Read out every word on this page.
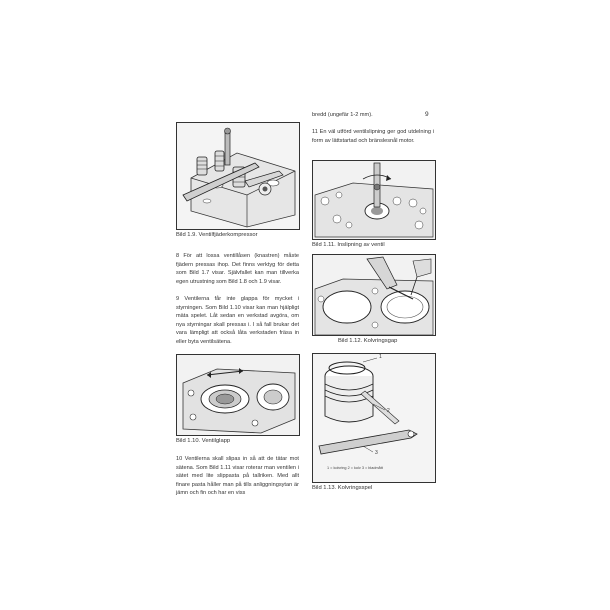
9
Bild 1.9. Ventilfjäderkompressor
8 För att lossa ventillåsen (knastren) måste fjädern pressas ihop. Det finns verktyg för detta som Bild 1.7 visar. Självfallet kan man tillverka egen utrustning som Bild 1.8 och 1.9 visar.
9 Ventilerna får inte glappa för mycket i styrningen. Som Bild 1.10 visar kan man hjälpligt mäta spelet. Låt sedan en verkstad avgöra, om nya styrningar skall pressas i. I så fall brukar det vara lämpligt att också låta verkstaden fräsa in eller byta ventilsätena.
Bild 1.10. Ventilglapp
10 Ventilerna skall slipas in så att de tätar mot sätena. Som Bild 1.11 visar roterar man ventilen i sätet med lite slippasta på tallriken. Med allt finare pasta håller man på tills anliggningsytan är jämn och fin och har en viss
bredd (ungefär 1-2 mm).
11 En väl utförd ventilslipning ger god utdelning i form av lättstartad och bränslesnål motor.
Bild 1.11. Inslipning av ventil
Bild 1.12. Kolvringsgap
1
2
3
1 = kolvring 2 = kolv 3 = bladmått
Bild 1.13. Kolvringsspel
